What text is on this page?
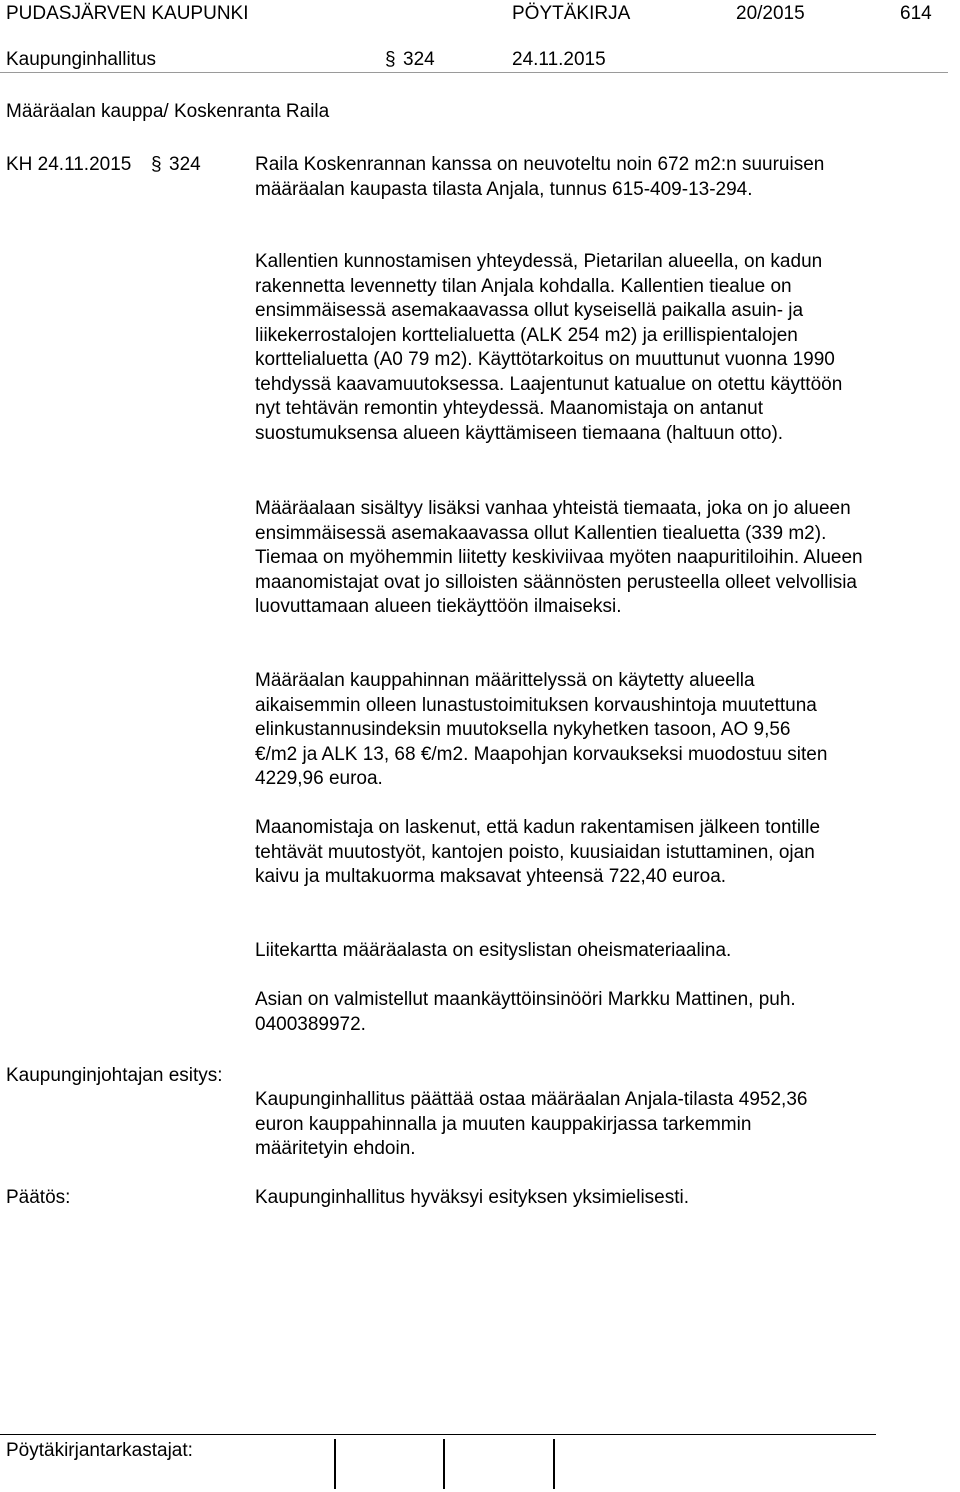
PUDASJÄRVEN KAUPUNKI	PÖYTÄKIRJA	20/2015	614
Kaupunginhallitus	§ 324	24.11.2015
Määräalan kauppa/ Koskenranta Raila
KH 24.11.2015 § 324	Raila Koskenrannan kanssa on neuvoteltu noin 672 m2:n suuruisen määräalan kaupasta tilasta Anjala, tunnus 615-409-13-294.

Kallentien kunnostamisen yhteydessä, Pietarilan alueella, on kadun rakennetta levennetty tilan Anjala kohdalla. Kallentien tiealue on ensimmäisessä asemakaavassa ollut kyseisellä paikalla asuin- ja liikekerrostalojen korttelialuetta (ALK 254 m2) ja erillispientalojen korttelialuetta (A0 79 m2). Käyttötarkoitus on muuttunut vuonna 1990 tehdyssä kaavamuutoksessa. Laajentunut katualue on otettu käyttöön nyt tehtävän remontin yhteydessä. Maanomistaja on antanut suostumuksensa alueen käyttämiseen tiemaana (haltuun otto).

Määräalaan sisältyy lisäksi vanhaa yhteistä tiemaata, joka on jo alueen ensimmäisessä asemakaavassa ollut Kallentien tiealuetta (339 m2). Tiemaa on myöhemmin liitetty keskiviivaa myöten naapuritiloihin. Alueen maanomistajat ovat jo silloisten säännösten perusteella olleet velvollisia luovuttamaan alueen tiekäyttöön ilmaiseksi.

Määräalan kauppahinnan määrittelyssä on käytetty alueella aikaisemmin olleen lunastustoimituksen korvaushintoja muutettuna elinkustannusindeksin muutoksella nykyhetken tasoon, AO 9,56 €/m2 ja ALK 13, 68 €/m2. Maapohjan korvaukseksi muodostuu siten 4229,96 euroa.

Maanomistaja on laskenut, että kadun rakentamisen jälkeen tontille tehtävät muutostyöt, kantojen poisto, kuusiaidan istuttaminen, ojan kaivu ja multakuorma maksavat yhteensä 722,40 euroa.

Liitekartta määräalasta on esityslistan oheismateriaalina.

Asian on valmistellut maankäyttöinsinööri Markku Mattinen, puh. 0400389972.

Kaupunginjohtajan esitys:

Kaupunginhallitus päättää ostaa määräalan Anjala-tilasta 4952,36 euron kauppahinnalla ja muuten kauppakirjassa tarkemmin määritetyin ehdoin.

Päätös:	Kaupunginhallitus hyväksyi esityksen yksimielisesti.

Pöytäkirjantarkastajat:
